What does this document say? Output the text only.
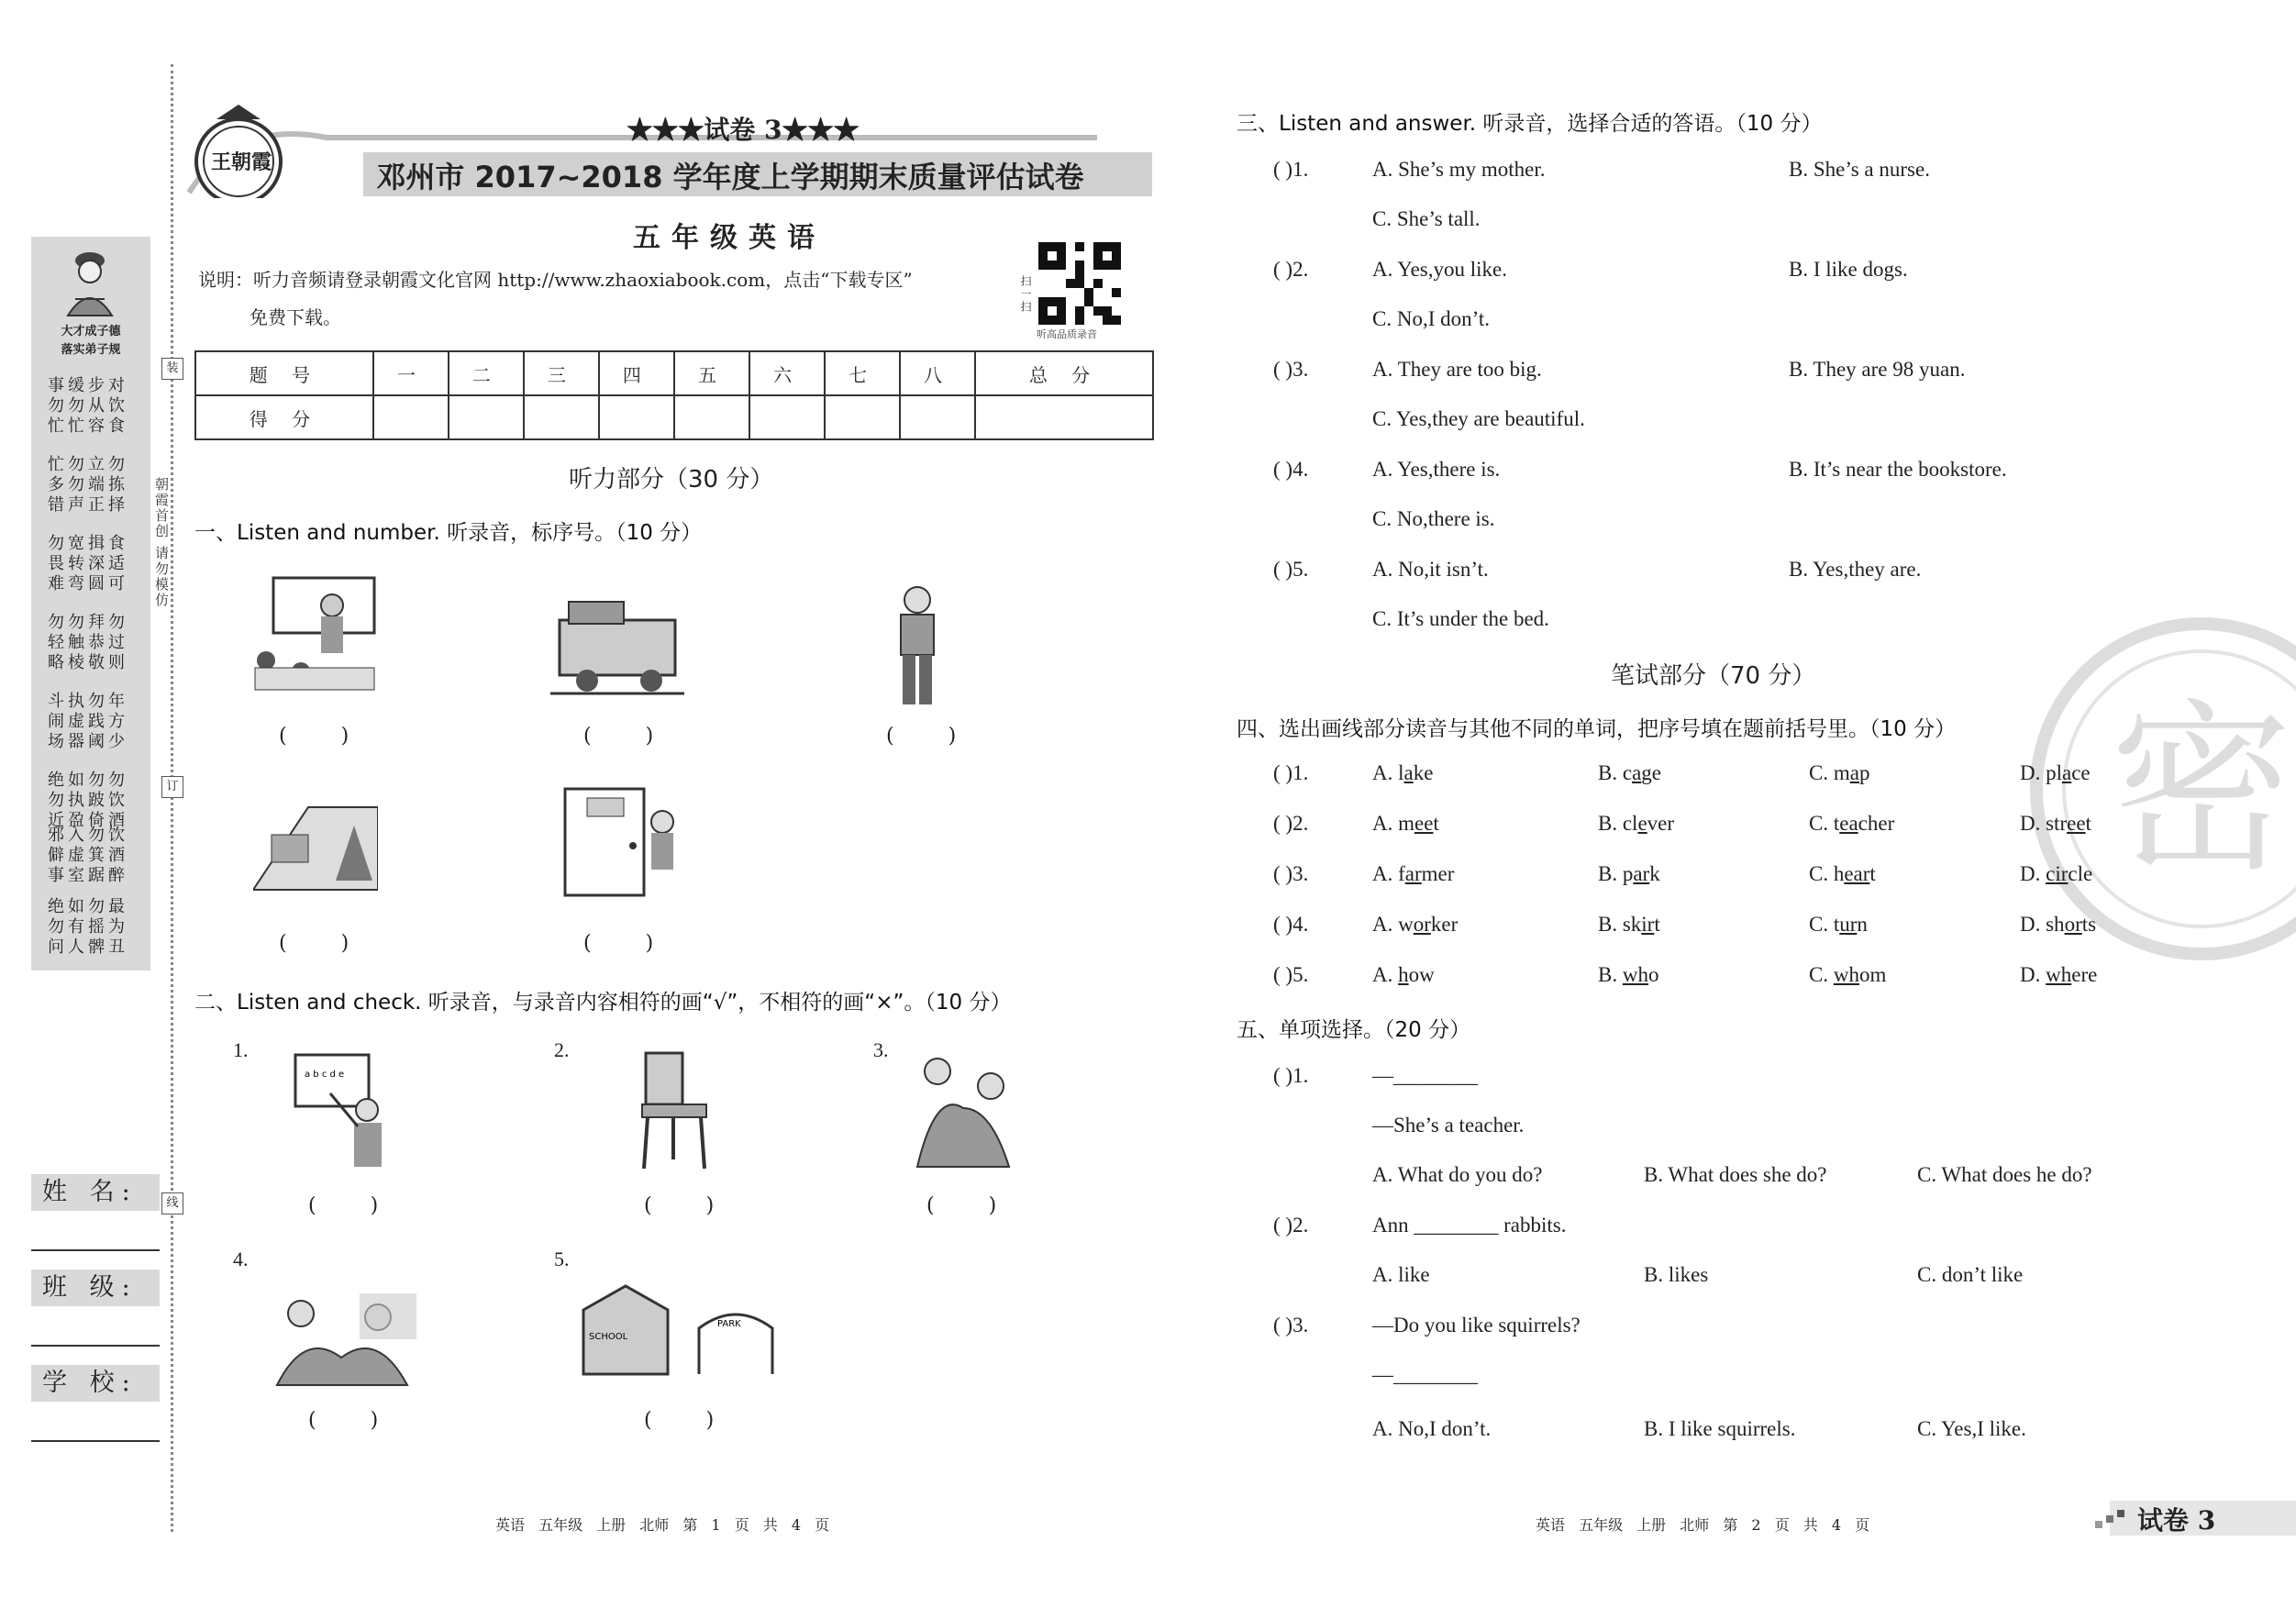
大才成子德
落实弟子规
事缓步对
勿勿从饮
忙忙容食
忙勿立勿
多勿端拣
错声正择
勿宽揖食
畏转深适
难弯圆可
勿勿拜勿
轻触恭过
略棱敬则
斗执勿年
闹虚践方
场器阈少
绝如勿勿
勿执跛饮
近盈倚酒
邪入勿饮
僻虚箕酒
事室踞醉
绝如勿最
勿有摇为
问人髀丑
朝霞首创 请勿模仿
装
订
线
姓 名:
班 级:
学 校:
王朝霞
★★★试卷 3★★★
邓州市 2017~2018 学年度上学期期末质量评估试卷
五年级英语
说明：听力音频请登录朝霞文化官网 http://www.zhaoxiabook.com，点击“下载专区”
免费下载。
扫一扫
听高品质录音
题 号	一	二	三	四	五	六	七	八	总 分
得 分									
听力部分（30 分）
一、Listen and number. 听录音，标序号。（10 分）
( )	( )	( )
( )	( )
二、Listen and check. 听录音，与录音内容相符的画“√”，不相符的画“×”。（10 分）
1.	2.	3.
a b c d e
( )	( )	( )
4.	5.
SCHOOL
PARK
( )	( )
英语 五年级 上册 北师 第 1 页 共 4 页
三、Listen and answer. 听录音，选择合适的答语。（10 分）
( )1.	A. She’s my mother.	B. She’s a nurse.
C. She’s tall.
( )2.	A. Yes,you like.	B. I like dogs.
C. No,I don’t.
( )3.	A. They are too big.	B. They are 98 yuan.
C. Yes,they are beautiful.
( )4.	A. Yes,there is.	B. It’s near the bookstore.
C. No,there is.
( )5.	A. No,it isn’t.	B. Yes,they are.
C. It’s under the bed.
密
笔试部分（70 分）
四、选出画线部分读音与其他不同的单词，把序号填在题前括号里。（10 分）
( )1.	A. lake	B. cage	C. map	D. place
( )2.	A. meet	B. clever	C. teacher	D. street
( )3.	A. farmer	B. park	C. heart	D. circle
( )4.	A. worker	B. skirt	C. turn	D. shorts
( )5.	A. how	B. who	C. whom	D. where
五、单项选择。（20 分）
( )1.	—________
—She’s a teacher.
A. What do you do?	B. What does she do?	C. What does he do?
( )2.	Ann ________ rabbits.
A. like	B. likes	C. don’t like
( )3.	—Do you like squirrels?
—________
A. No,I don’t.	B. I like squirrels.	C. Yes,I like.
英语 五年级 上册 北师 第 2 页 共 4 页	试卷 3
